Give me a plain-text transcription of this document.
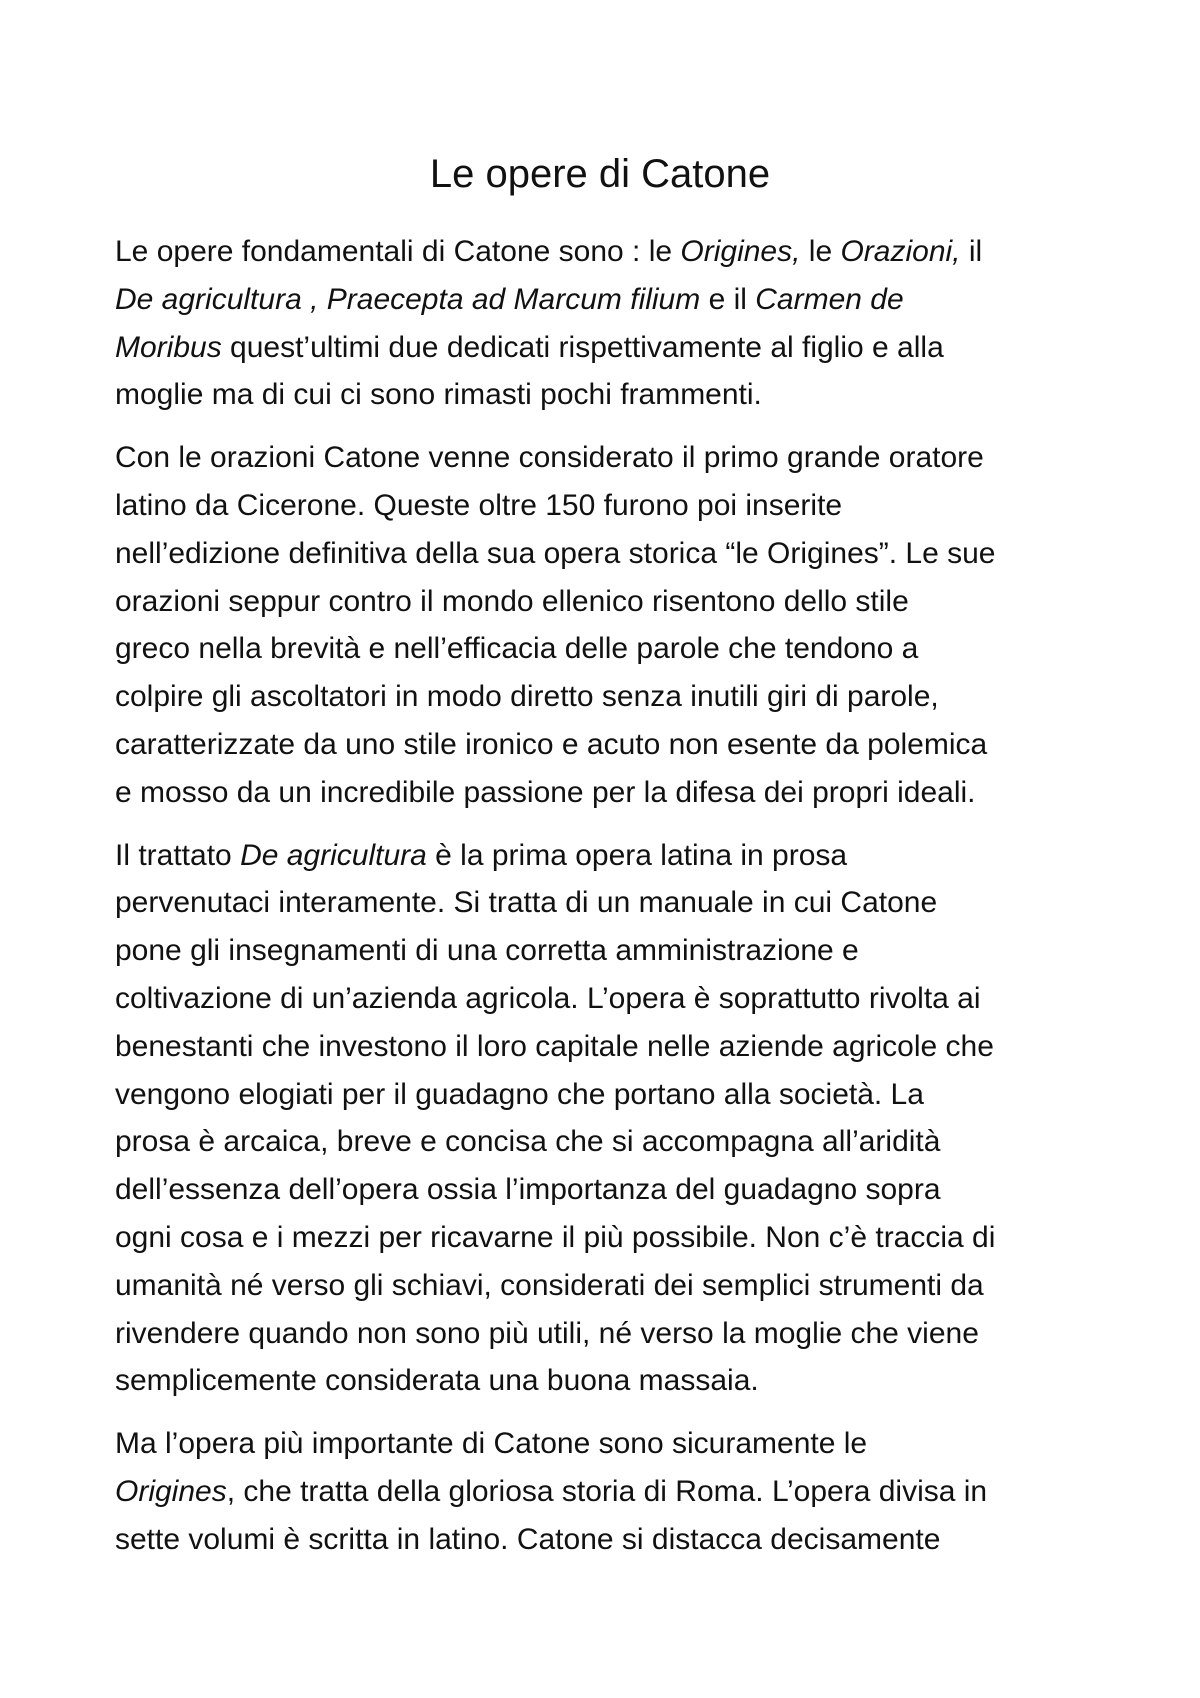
Le opere di Catone

Le opere fondamentali di Catone sono : le Origines, le Orazioni, il
De agricultura , Praecepta ad Marcum filium e il Carmen de
Moribus quest’ultimi due dedicati rispettivamente al figlio e alla
moglie ma di cui ci sono rimasti pochi frammenti.

Con le orazioni Catone venne considerato il primo grande oratore
latino da Cicerone. Queste oltre 150 furono poi inserite
nell’edizione definitiva della sua opera storica “le Origines”. Le sue
orazioni seppur contro il mondo ellenico risentono dello stile
greco nella brevità e nell’efficacia delle parole che tendono a
colpire gli ascoltatori in modo diretto senza inutili giri di parole,
caratterizzate da uno stile ironico e acuto non esente da polemica
e mosso da un incredibile passione per la difesa dei propri ideali.

Il trattato De agricultura è la prima opera latina in prosa
pervenutaci interamente. Si tratta di un manuale in cui Catone
pone gli insegnamenti di una corretta amministrazione e
coltivazione di un’azienda agricola. L’opera è soprattutto rivolta ai
benestanti che investono il loro capitale nelle aziende agricole che
vengono elogiati per il guadagno che portano alla società. La
prosa è arcaica, breve e concisa che si accompagna all’aridità
dell’essenza dell’opera ossia l’importanza del guadagno sopra
ogni cosa e i mezzi per ricavarne il più possibile. Non c’è traccia di
umanità né verso gli schiavi, considerati dei semplici strumenti da
rivendere quando non sono più utili, né verso la moglie che viene
semplicemente considerata una buona massaia.

Ma l’opera più importante di Catone sono sicuramente le
Origines, che tratta della gloriosa storia di Roma. L’opera divisa in
sette volumi è scritta in latino. Catone si distacca decisamente
